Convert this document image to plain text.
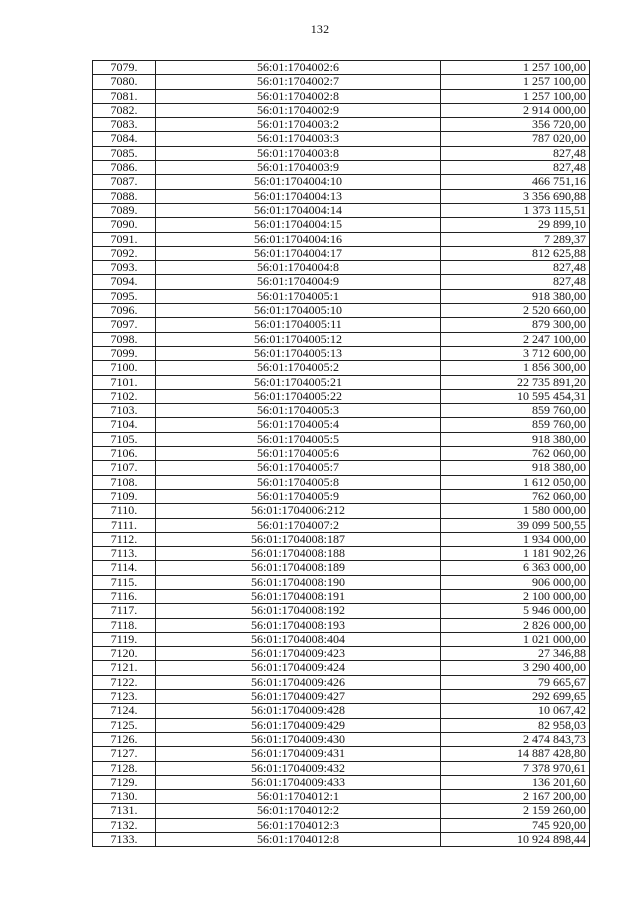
132
7079.	56:01:1704002:6	1 257 100,00
7080.	56:01:1704002:7	1 257 100,00
7081.	56:01:1704002:8	1 257 100,00
7082.	56:01:1704002:9	2 914 000,00
7083.	56:01:1704003:2	356 720,00
7084.	56:01:1704003:3	787 020,00
7085.	56:01:1704003:8	827,48
7086.	56:01:1704003:9	827,48
7087.	56:01:1704004:10	466 751,16
7088.	56:01:1704004:13	3 356 690,88
7089.	56:01:1704004:14	1 373 115,51
7090.	56:01:1704004:15	29 899,10
7091.	56:01:1704004:16	7 289,37
7092.	56:01:1704004:17	812 625,88
7093.	56:01:1704004:8	827,48
7094.	56:01:1704004:9	827,48
7095.	56:01:1704005:1	918 380,00
7096.	56:01:1704005:10	2 520 660,00
7097.	56:01:1704005:11	879 300,00
7098.	56:01:1704005:12	2 247 100,00
7099.	56:01:1704005:13	3 712 600,00
7100.	56:01:1704005:2	1 856 300,00
7101.	56:01:1704005:21	22 735 891,20
7102.	56:01:1704005:22	10 595 454,31
7103.	56:01:1704005:3	859 760,00
7104.	56:01:1704005:4	859 760,00
7105.	56:01:1704005:5	918 380,00
7106.	56:01:1704005:6	762 060,00
7107.	56:01:1704005:7	918 380,00
7108.	56:01:1704005:8	1 612 050,00
7109.	56:01:1704005:9	762 060,00
7110.	56:01:1704006:212	1 580 000,00
7111.	56:01:1704007:2	39 099 500,55
7112.	56:01:1704008:187	1 934 000,00
7113.	56:01:1704008:188	1 181 902,26
7114.	56:01:1704008:189	6 363 000,00
7115.	56:01:1704008:190	906 000,00
7116.	56:01:1704008:191	2 100 000,00
7117.	56:01:1704008:192	5 946 000,00
7118.	56:01:1704008:193	2 826 000,00
7119.	56:01:1704008:404	1 021 000,00
7120.	56:01:1704009:423	27 346,88
7121.	56:01:1704009:424	3 290 400,00
7122.	56:01:1704009:426	79 665,67
7123.	56:01:1704009:427	292 699,65
7124.	56:01:1704009:428	10 067,42
7125.	56:01:1704009:429	82 958,03
7126.	56:01:1704009:430	2 474 843,73
7127.	56:01:1704009:431	14 887 428,80
7128.	56:01:1704009:432	7 378 970,61
7129.	56:01:1704009:433	136 201,60
7130.	56:01:1704012:1	2 167 200,00
7131.	56:01:1704012:2	2 159 260,00
7132.	56:01:1704012:3	745 920,00
7133.	56:01:1704012:8	10 924 898,44
